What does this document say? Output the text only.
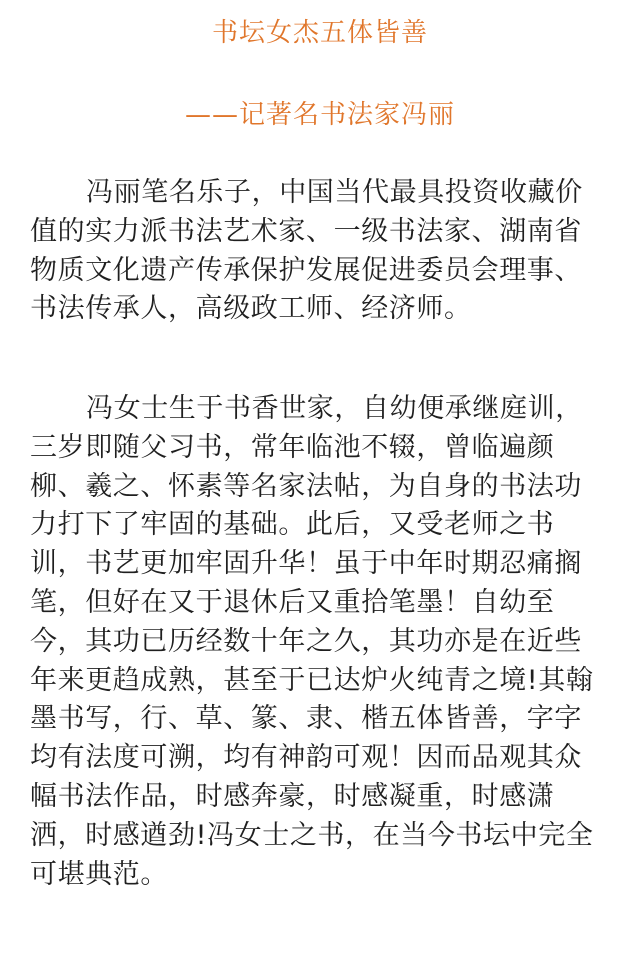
书坛女杰五体皆善
——记著名书法家冯丽

冯丽笔名乐子，中国当代最具投资收藏价
值的实力派书法艺术家、一级书法家、湖南省
物质文化遗产传承保护发展促进委员会理事、
书法传承人，高级政工师、经济师。

冯女士生于书香世家，自幼便承继庭训，
三岁即随父习书，常年临池不辍，曾临遍颜
柳、羲之、怀素等名家法帖，为自身的书法功
力打下了牢固的基础。此后，又受老师之书
训，书艺更加牢固升华！虽于中年时期忍痛搁
笔，但好在又于退休后又重拾笔墨！自幼至
今，其功已历经数十年之久，其功亦是在近些
年来更趋成熟，甚至于已达炉火纯青之境!其翰
墨书写，行、草、篆、隶、楷五体皆善，字字
均有法度可溯，均有神韵可观！因而品观其众
幅书法作品，时感奔豪，时感凝重，时感潇
洒，时感遒劲!冯女士之书，在当今书坛中完全
可堪典范。
